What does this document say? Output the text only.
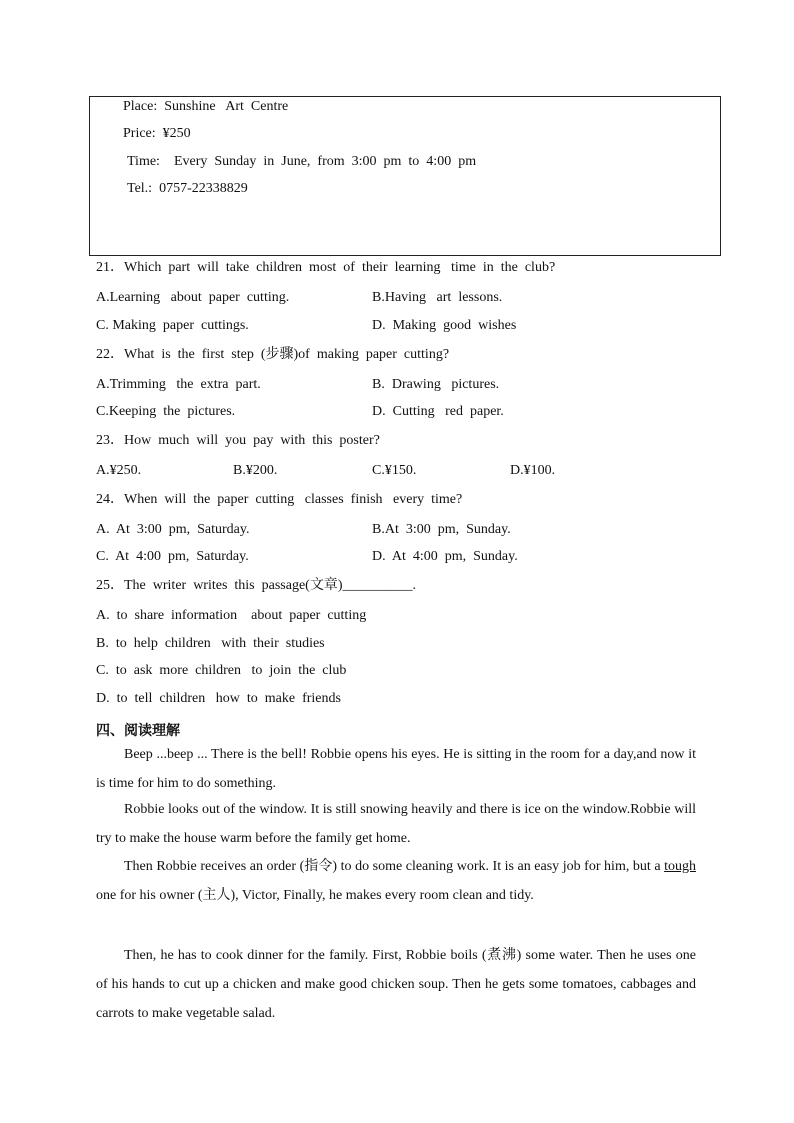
Place:  Sunshine   Art  Centre
Price:  ¥250
Time:    Every  Sunday  in  June,  from  3:00  pm  to  4:00  pm
Tel.:  0757-22338829
21．Which  part  will  take  children  most  of  their  learning   time  in  the  club?
A.Learning   about  paper  cutting.	B.Having   art  lessons.
C. Making  paper  cuttings.	D.  Making  good  wishes
22．What  is  the  first  step  (步骤)of  making  paper  cutting?
A.Trimming   the  extra  part.	B.  Drawing   pictures.
C.Keeping  the  pictures.	D.  Cutting   red  paper.
23．How  much  will  you  pay  with  this  poster?
A.¥250.	B.¥200.	C.¥150.	D.¥100.
24．When  will  the  paper  cutting   classes  finish   every  time?
A.  At  3:00  pm,  Saturday.	B.At  3:00  pm,  Sunday.
C.  At  4:00  pm,  Saturday.	D.  At  4:00  pm,  Sunday.
25．The  writer  writes  this  passage(文章)__________.
A.  to  share  information    about  paper  cutting
B.  to  help  children   with  their  studies
C.  to  ask  more  children   to  join  the  club
D.  to  tell  children   how  to  make  friends
四、阅读理解
Beep ...beep ... There is the bell! Robbie opens his eyes. He is sitting in the room for a day,and now it is time for him to do something.
Robbie looks out of the window. It is still snowing heavily and there is ice on the window.Robbie will try to make the house warm before the family get home.
Then Robbie receives an order (指令) to do some cleaning work. It is an easy job for him, but a tough one for his owner (主人), Victor, Finally, he makes every room clean and tidy.
Then, he has to cook dinner for the family. First, Robbie boils (煮沸) some water. Then he uses one of his hands to cut up a chicken and make good chicken soup. Then he gets some tomatoes, cabbages and carrots to make vegetable salad.
